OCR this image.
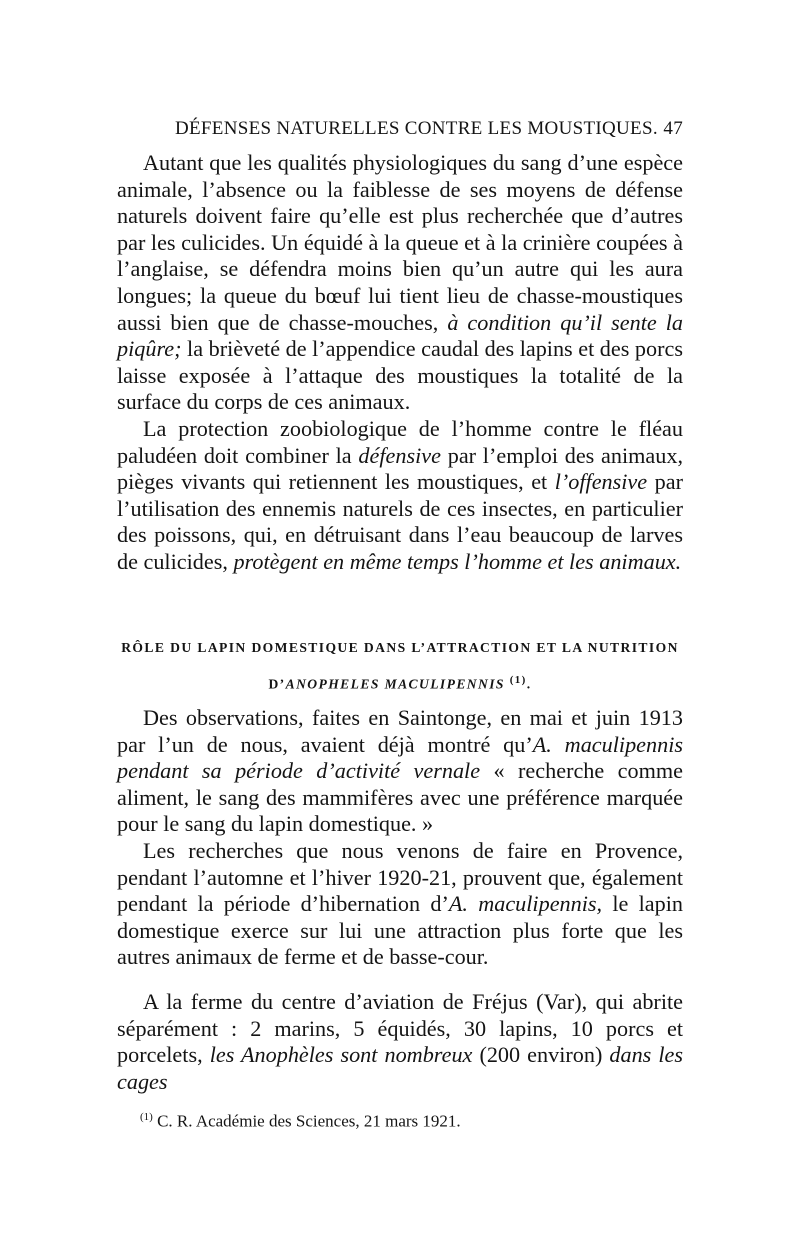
DÉFENSES NATURELLES CONTRE LES MOUSTIQUES. 47

Autant que les qualités physiologiques du sang d’une espèce animale, l’absence ou la faiblesse de ses moyens de défense naturels doivent faire qu’elle est plus recherchée que d’autres par les culicides. Un équidé à la queue et à la crinière coupées à l’anglaise, se défendra moins bien qu’un autre qui les aura longues; la queue du bœuf lui tient lieu de chasse-moustiques aussi bien que de chasse-mouches, à condition qu’il sente la piqûre; la brièveté de l’appendice caudal des lapins et des porcs laisse exposée à l’attaque des moustiques la totalité de la surface du corps de ces animaux.

La protection zoobiologique de l’homme contre le fléau paludéen doit combiner la défensive par l’emploi des animaux, pièges vivants qui retiennent les moustiques, et l’offensive par l’utilisation des ennemis naturels de ces insectes, en particulier des poissons, qui, en détruisant dans l’eau beaucoup de larves de culicides, protègent en même temps l’homme et les animaux.

RÔLE DU LAPIN DOMESTIQUE DANS L’ATTRACTION ET LA NUTRITION
D’ANOPHELES MACULIPENNIS $^{(1)}$.

Des observations, faites en Saintonge, en mai et juin 1913 par l’un de nous, avaient déjà montré qu’A. maculipennis pendant sa période d’activité vernale « recherche comme aliment, le sang des mammifères avec une préférence marquée pour le sang du lapin domestique. »

Les recherches que nous venons de faire en Provence, pendant l’automne et l’hiver 1920-21, prouvent que, également pendant la période d’hibernation d’A. maculipennis, le lapin domestique exerce sur lui une attraction plus forte que les autres animaux de ferme et de basse-cour.

A la ferme du centre d’aviation de Fréjus (Var), qui abrite séparément : 2 marins, 5 équidés, 30 lapins, 10 porcs et porcelets, les Anophèles sont nombreux (200 environ) dans les cages

$^{(1)}$ C. R. Académie des Sciences, 21 mars 1921.
